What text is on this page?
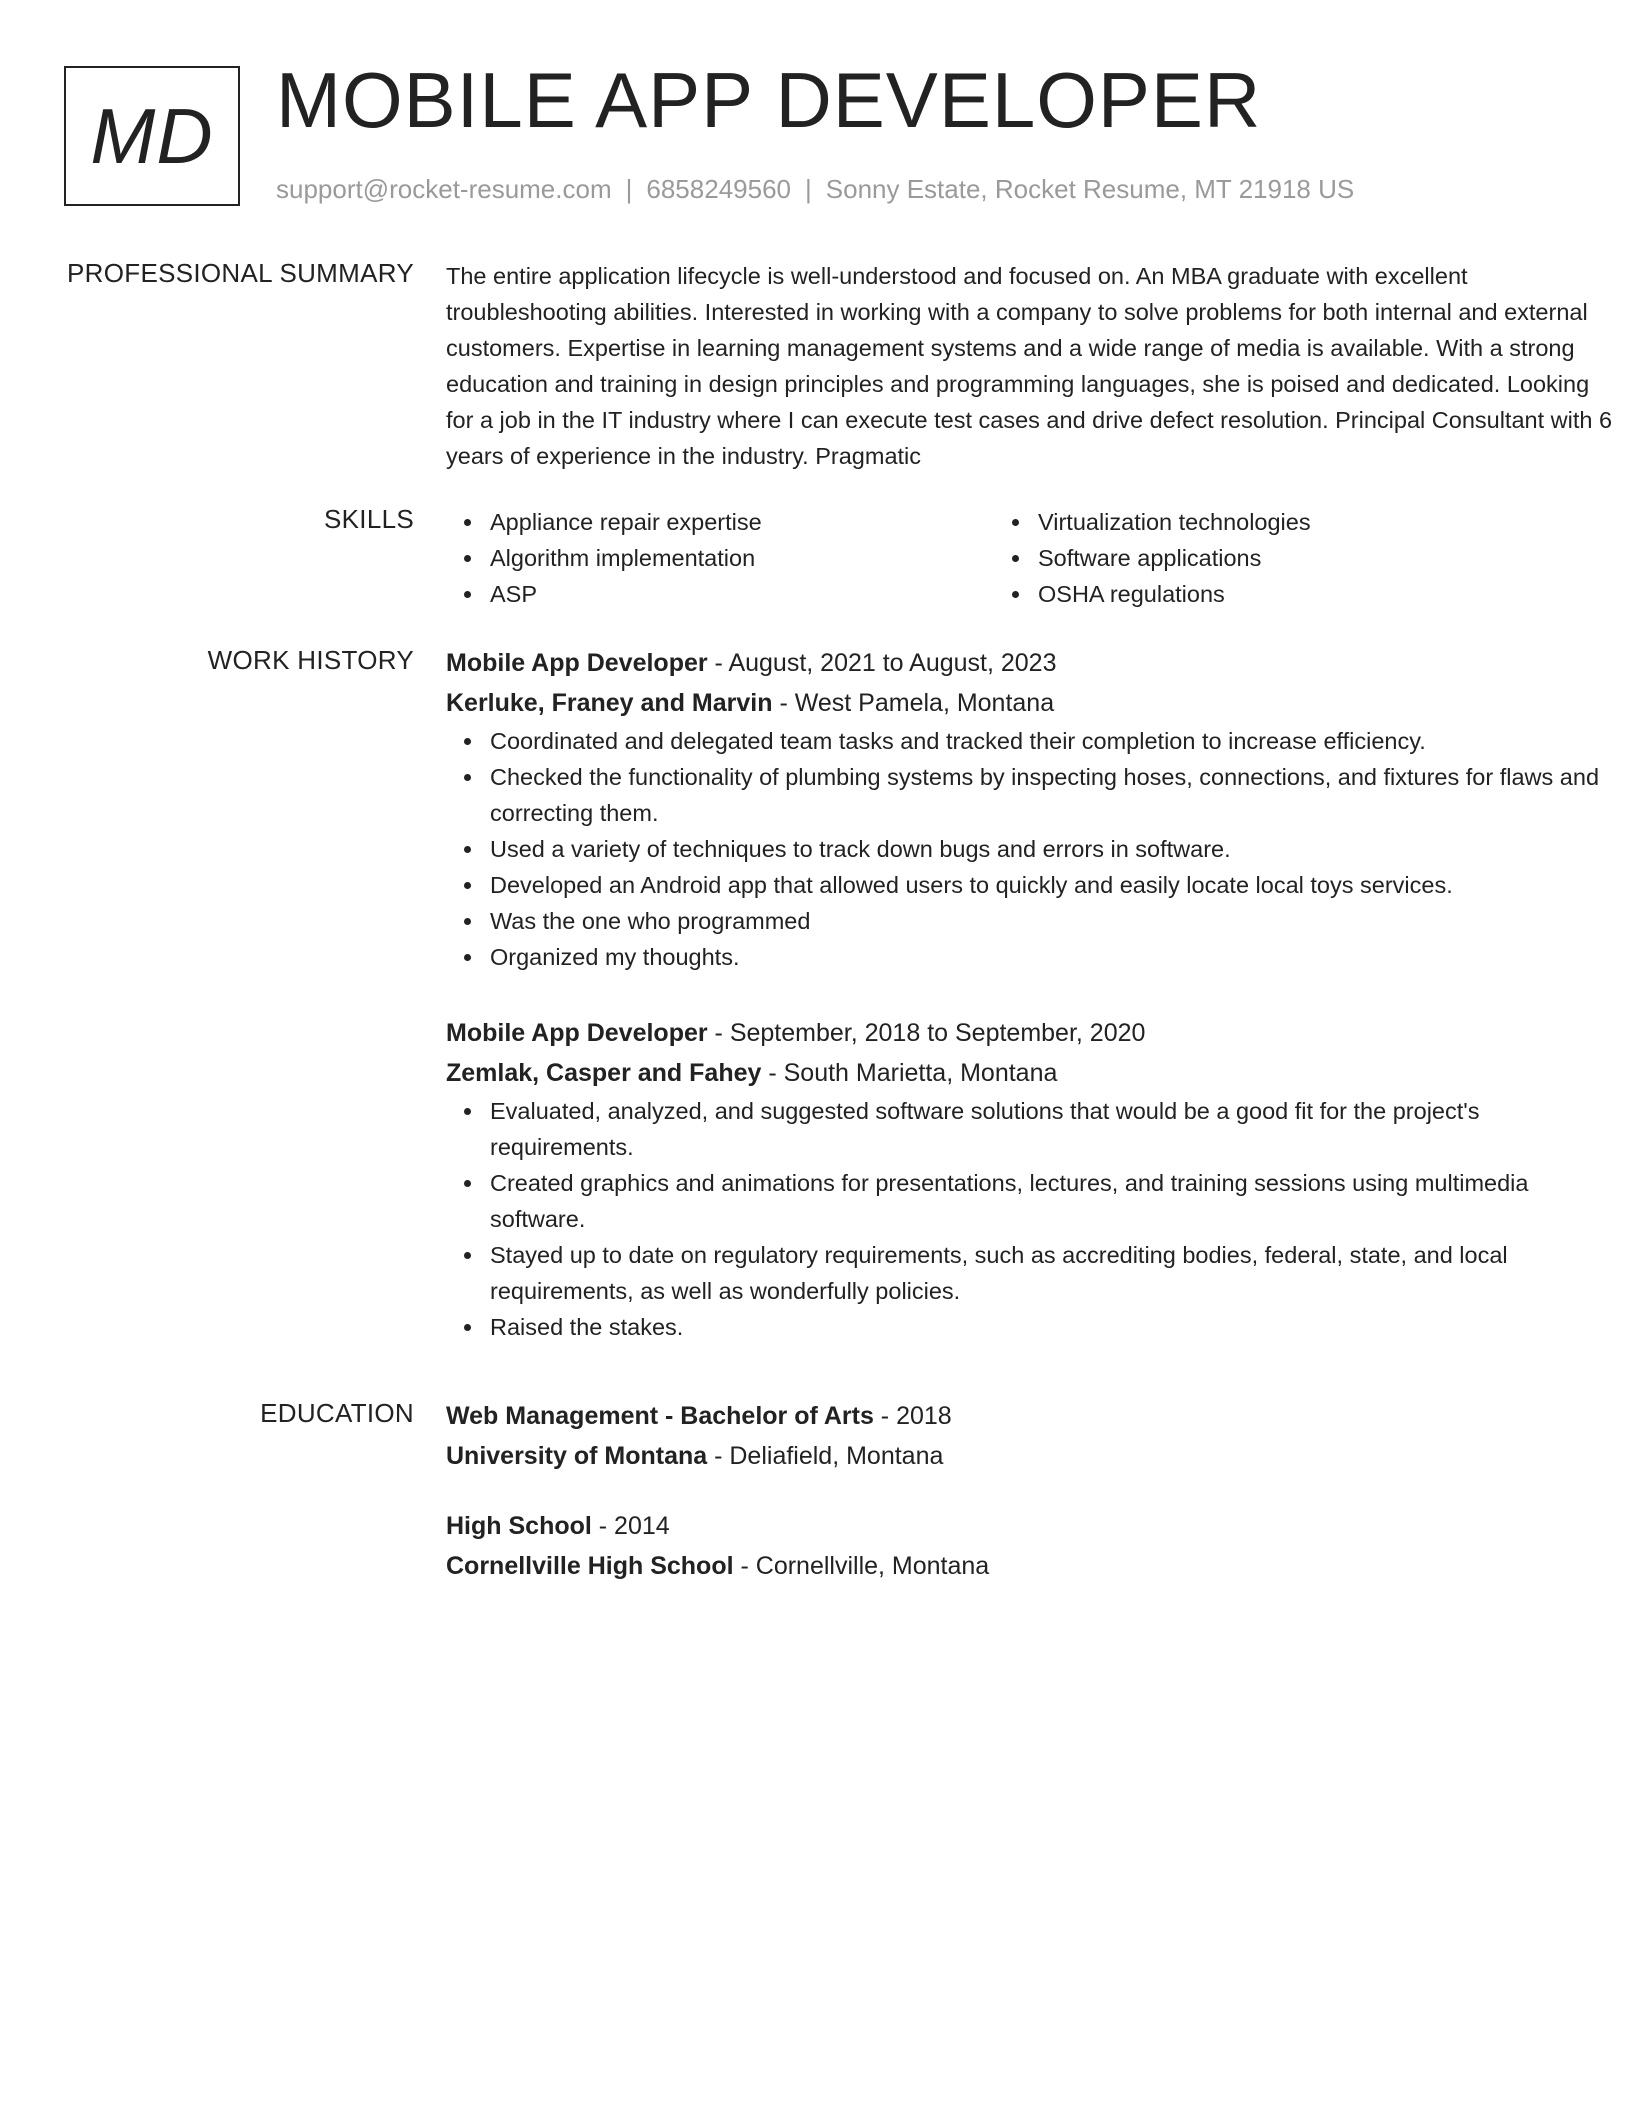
MD MOBILE APP DEVELOPER
support@rocket-resume.com | 6858249560 | Sonny Estate, Rocket Resume, MT 21918 US
PROFESSIONAL SUMMARY The entire application lifecycle is well-understood and focused on. An MBA graduate with excellent troubleshooting abilities. Interested in working with a company to solve problems for both internal and external customers. Expertise in learning management systems and a wide range of media is available. With a strong education and training in design principles and programming languages, she is poised and dedicated. Looking for a job in the IT industry where I can execute test cases and drive defect resolution. Principal Consultant with 6 years of experience in the industry. Pragmatic

SKILLS	Appliance repair expertise
Algorithm implementation
ASP
Virtualization technologies
Software applications
OSHA regulations
WORK HISTORY Mobile App Developer - August, 2021 to August, 2023
Kerluke, Franey and Marvin - West Pamela, Montana
Coordinated and delegated team tasks and tracked their completion to increase efficiency.
Checked the functionality of plumbing systems by inspecting hoses, connections, and fixtures for flaws and correcting them.
Used a variety of techniques to track down bugs and errors in software.
Developed an Android app that allowed users to quickly and easily locate local toys services.
Was the one who programmed
Organized my thoughts.
Mobile App Developer - September, 2018 to September, 2020
Zemlak, Casper and Fahey - South Marietta, Montana
Evaluated, analyzed, and suggested software solutions that would be a good fit for the project's requirements.
Created graphics and animations for presentations, lectures, and training sessions using multimedia software.
Stayed up to date on regulatory requirements, such as accrediting bodies, federal, state, and local requirements, as well as wonderfully policies.
Raised the stakes.
EDUCATION Web Management - Bachelor of Arts - 2018
University of Montana - Deliafield, Montana
High School - 2014
Cornellville High School - Cornellville, Montana
